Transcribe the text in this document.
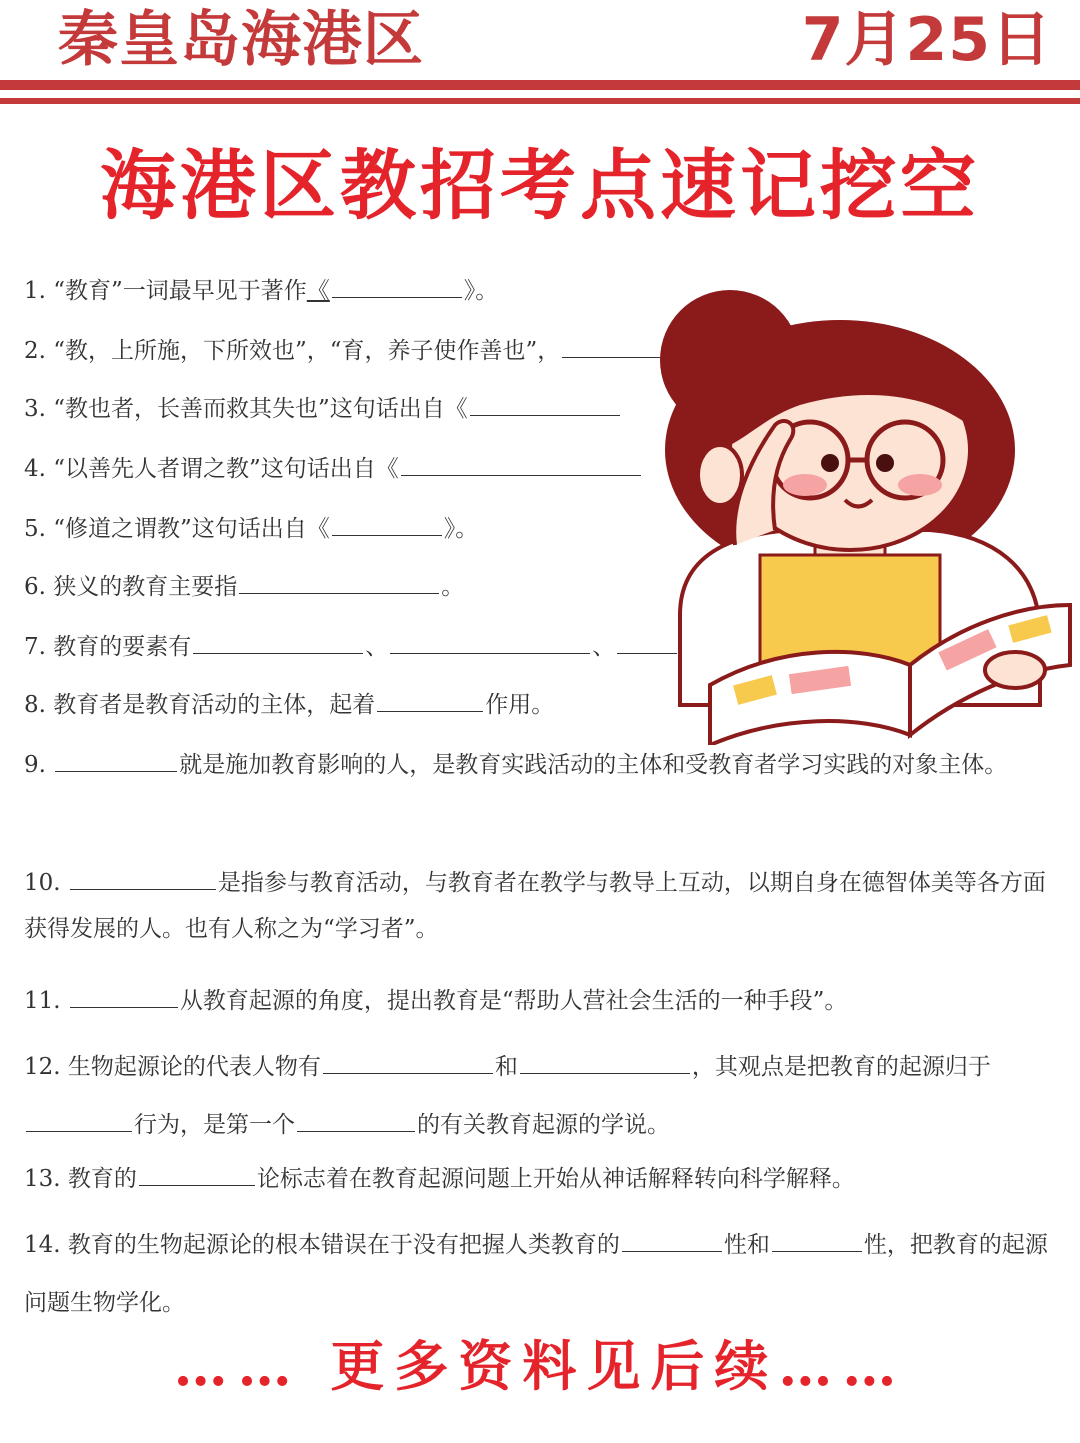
秦皇岛海港区	7月25日
海港区教招考点速记挖空
1. “教育”一词最早见于著作《	》。
2. “教，上所施，下所效也”，“育，养子使作善也”，
3. “教也者，长善而救其失也”这句话出自《
4. “以善先人者谓之教”这句话出自《
5. “修道之谓教”这句话出自《	》。
6. 狭义的教育主要指	。
7. 教育的要素有	、	、
8. 教育者是教育活动的主体，起着	作用。
9.	就是施加教育影响的人，是教育实践活动的主体和受教育者学习实践的对象主体。
10.	是指参与教育活动，与教育者在教学与教导上互动，以期自身在德智体美等各方面获得发展的人。也有人称之为“学习者”。
11.	从教育起源的角度，提出教育是“帮助人营社会生活的一种手段”。
12. 生物起源论的代表人物有	和	，其观点是把教育的起源归于行为，是第一个	的有关教育起源的学说。
13. 教育的	论标志着在教育起源问题上开始从神话解释转向科学解释。
14. 教育的生物起源论的根本错误在于没有把握人类教育的	性和	性，把教育的起源问题生物学化。
…… 更多资料见后续……
